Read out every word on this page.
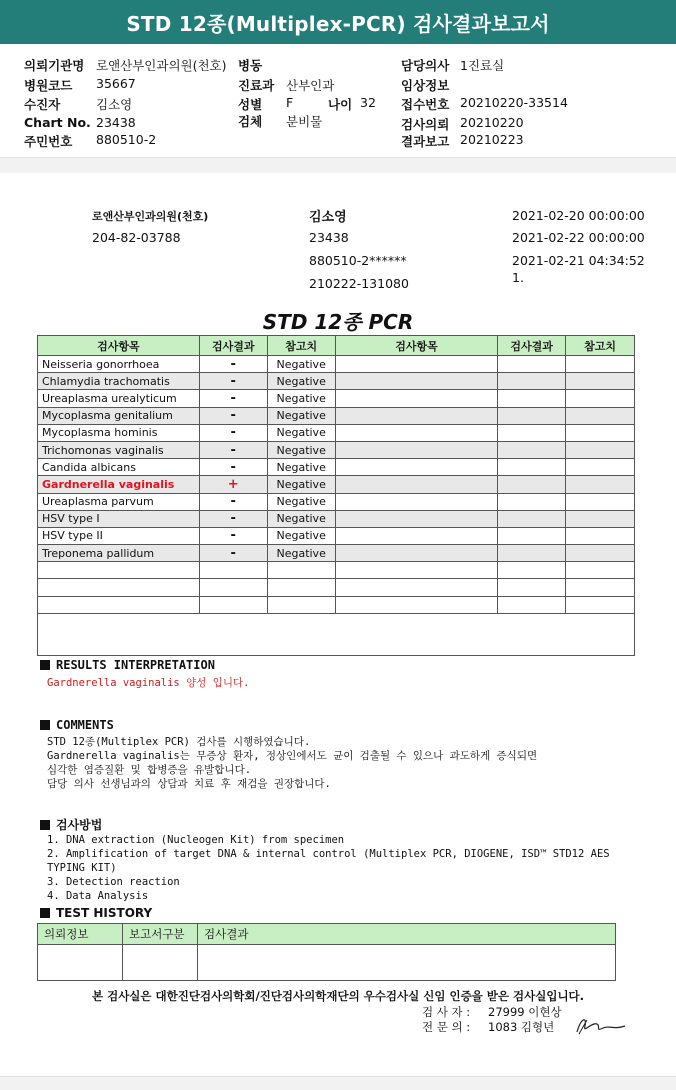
STD 12종(Multiplex-PCR) 검사결과보고서
의뢰기관명 로앤산부인과의원(천호) 병동	담당의사 1진료실
병원코드 35667	진료과 산부인과	임상정보
수진자	김소영	성별 F	나이 32 접수번호 20210220-33514
Chart No. 23438	검체 분비물	검사의뢰 20210220
주민번호 880510-2	결과보고 20210223
로앤산부인과의원(천호)
204-82-03788
김소영
23438
880510-2******
210222-131080
2021-02-20 00:00:00
2021-02-22 00:00:00
2021-02-21 04:34:52
1.
STD 12종 PCR
검사항목	검사결과	참고치	검사항목	검사결과	참고치
Neisseria gonorrhoea	-	Negative			
Chlamydia trachomatis	-	Negative			
Ureaplasma urealyticum	-	Negative			
Mycoplasma genitalium	-	Negative			
Mycoplasma hominis	-	Negative			
Trichomonas vaginalis	-	Negative			
Candida albicans	-	Negative			
Gardnerella vaginalis	+	Negative			
Ureaplasma parvum	-	Negative			
HSV type I	-	Negative			
HSV type II	-	Negative			
Treponema pallidum	-	Negative			

RESULTS INTERPRETATION
Gardnerella vaginalis 양성 입니다.
COMMENTS
STD 12종(Multiplex PCR) 검사를 시행하였습니다.
Gardnerella vaginalis는 무증상 환자, 정상인에서도 균이 검출될 수 있으나 과도하게 증식되면
심각한 염증질환 및 합병증을 유발합니다.
담당 의사 선생님과의 상담과 치료 후 재검을 권장합니다.
검사방법
1. DNA extraction (Nucleogen Kit) from specimen
2. Amplification of target DNA & internal control (Multiplex PCR, DIOGENE, ISD™ STD12 AES
TYPING KIT)
3. Detection reaction
4. Data Analysis
TEST HISTORY
의뢰정보	보고서구분	검사결과

본 검사실은 대한진단검사의학회/진단검사의학재단의 우수검사실 신임 인증을 받은 검사실입니다.
검 사 자 : 27999 이현상
전 문 의 : 1083 김형년
